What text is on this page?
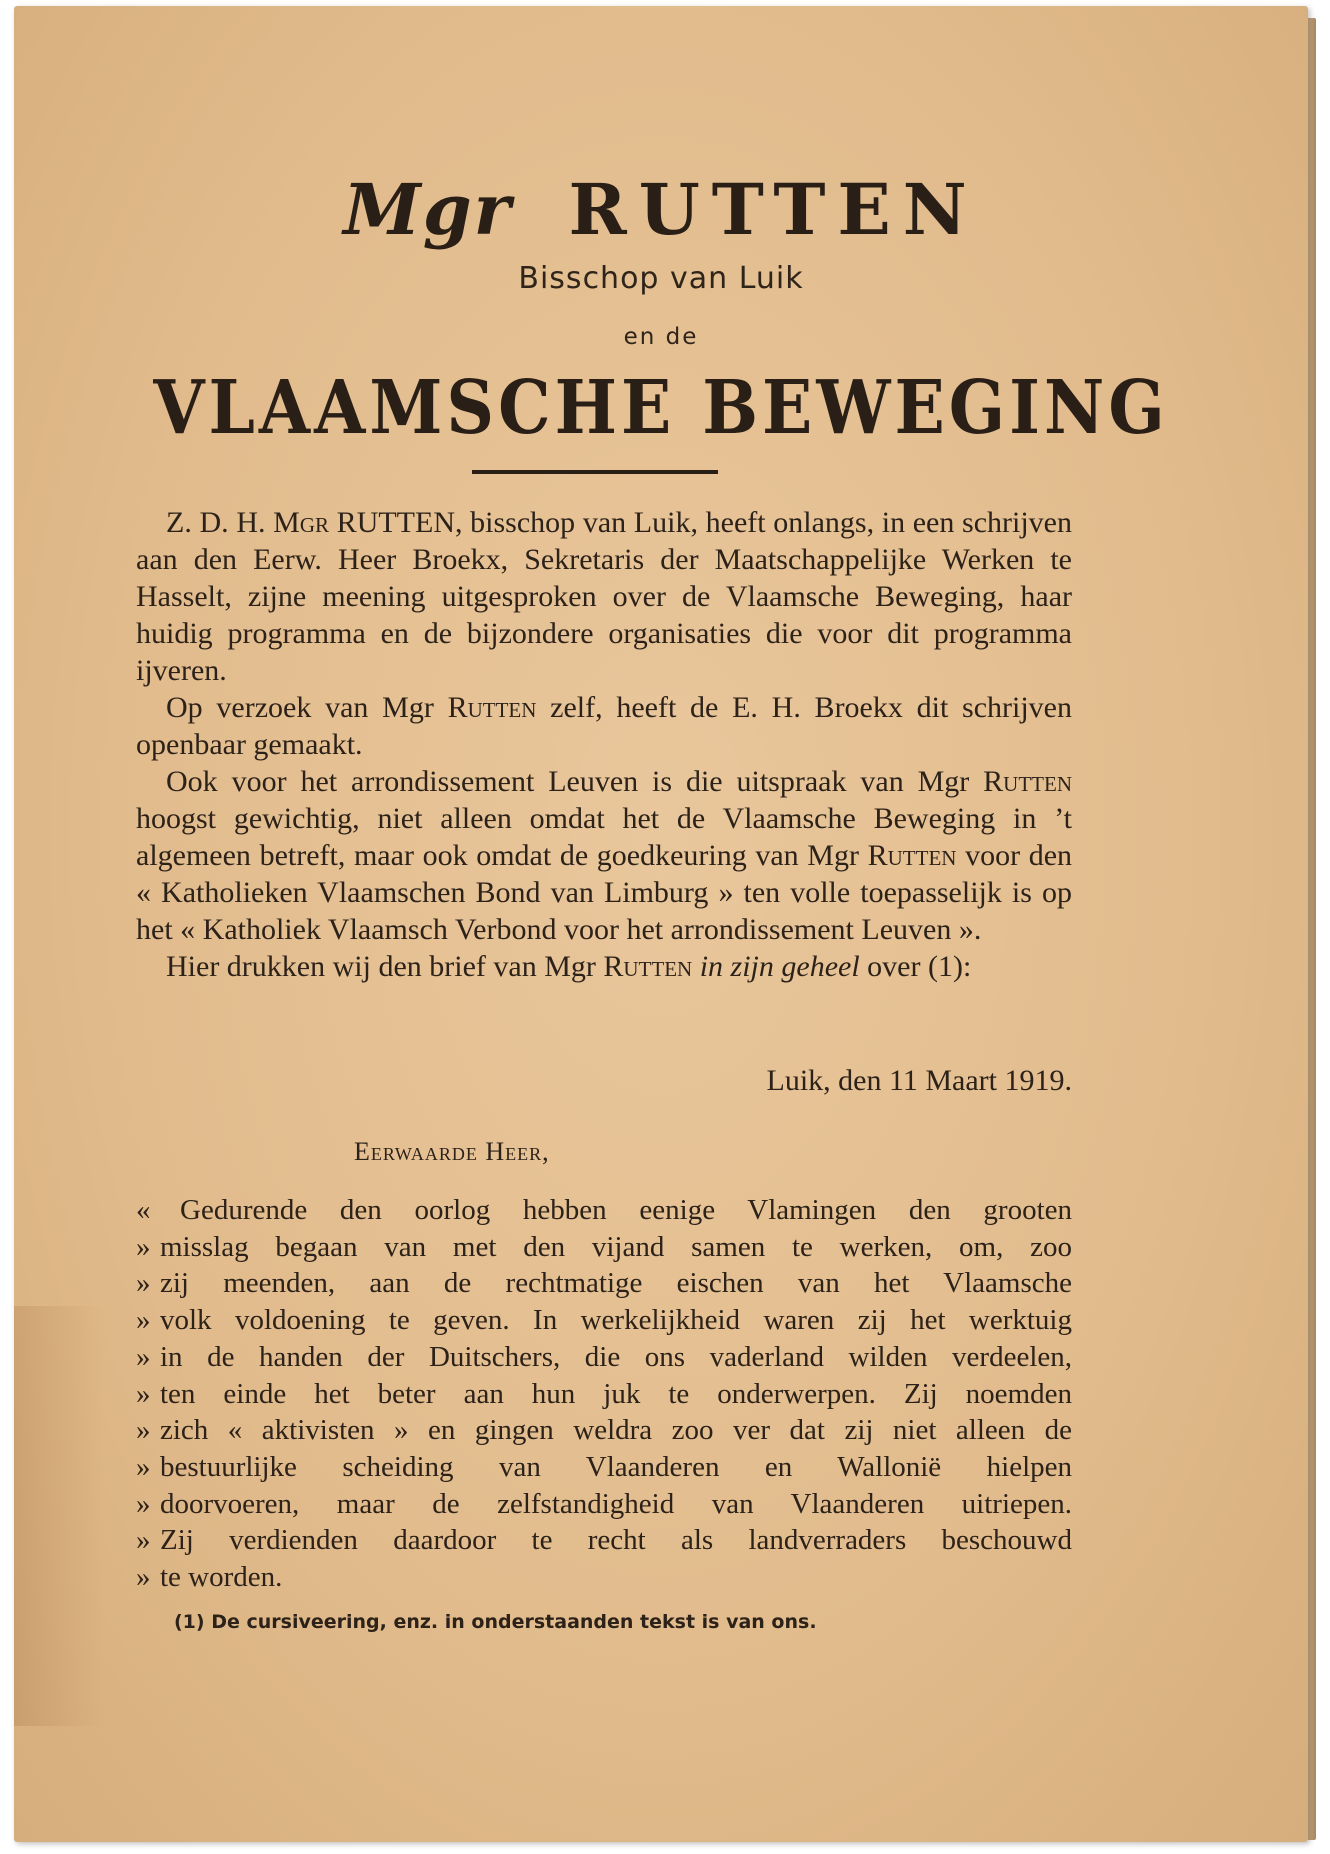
Mgr RUTTEN
Bisschop van Luik
en de
VLAAMSCHE BEWEGING

Z. D. H. Mgr RUTTEN, bisschop van Luik, heeft onlangs, in een schrijven aan den Eerw. Heer Broekx, Sekretaris der Maatschappelijke Werken te Hasselt, zijne meening uitgesproken over de Vlaamsche Beweging, haar huidig programma en de bijzondere organisaties die voor dit programma ijveren.

Op verzoek van Mgr Rutten zelf, heeft de E. H. Broekx dit schrijven openbaar gemaakt.

Ook voor het arrondissement Leuven is die uitspraak van Mgr Rutten hoogst gewichtig, niet alleen omdat het de Vlaamsche Beweging in ’t algemeen betreft, maar ook omdat de goedkeuring van Mgr Rutten voor den « Katholieken Vlaamschen Bond van Limburg » ten volle toepasselijk is op het « Katholiek Vlaamsch Verbond voor het arrondissement Leuven ».

Hier drukken wij den brief van Mgr Rutten in zijn geheel over (1):

Luik, den 11 Maart 1919.
Eerwaarde Heer,
«	Gedurende den oorlog hebben eenige Vlamingen den grooten
» misslag begaan van met den vijand samen te werken, om, zoo
» zij meenden, aan de rechtmatige eischen van het Vlaamsche
» volk voldoening te geven. In werkelijkheid waren zij het werktuig
» in de handen der Duitschers, die ons vaderland wilden verdeelen,
» ten einde het beter aan hun juk te onderwerpen. Zij noemden
» zich « aktivisten » en gingen weldra zoo ver dat zij niet alleen de
» bestuurlijke scheiding van Vlaanderen en Wallonië hielpen
» doorvoeren, maar de zelfstandigheid van Vlaanderen uitriepen.
» Zij verdienden daardoor te recht als landverraders beschouwd
» te worden.
(1) De cursiveering, enz. in onderstaanden tekst is van ons.
